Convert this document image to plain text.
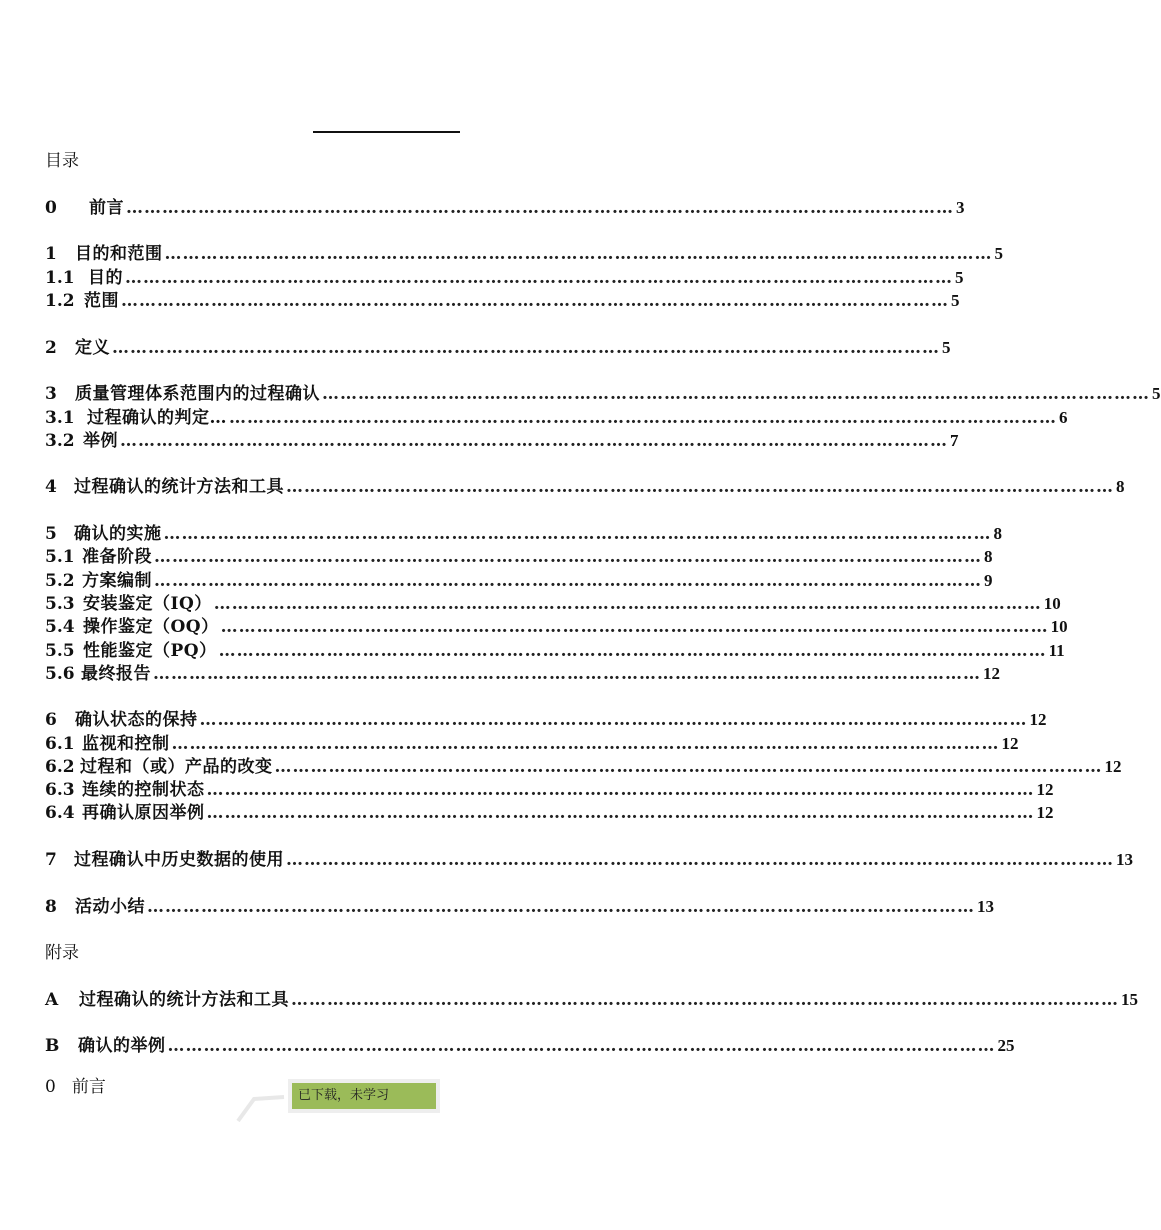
目录
0	前言 ………………………………………………………………………………………………………………………… 3
1	目的和范围 ………………………………………………………………………………………………………………………… 5
1.1 目的 ………………………………………………………………………………………………………………………… 5
1.2 范围 ………………………………………………………………………………………………………………………… 5
2	定义 ………………………………………………………………………………………………………………………… 5
3	质量管理体系范围内的过程确认 ………………………………………………………………………………………………………………………… 5
3.1 过程确认的判定… ………………………………………………………………………………………………………………………… 6
3.2 举例 ………………………………………………………………………………………………………………………… 7
4	过程确认的统计方法和工具 ………………………………………………………………………………………………………………………… 8
5	确认的实施 ………………………………………………………………………………………………………………………… 8
5.1 准备阶段 ………………………………………………………………………………………………………………………… 8
5.2 方案编制 ………………………………………………………………………………………………………………………… 9
5.3 安装鉴定（IQ） ………………………………………………………………………………………………………………………… 10
5.4 操作鉴定（OQ） ………………………………………………………………………………………………………………………… 10
5.5 性能鉴定（PQ） ………………………………………………………………………………………………………………………… 11
5.6 最终报告 ………………………………………………………………………………………………………………………… 12
6	确认状态的保持 ………………………………………………………………………………………………………………………… 12
6.1 监视和控制 ………………………………………………………………………………………………………………………… 12
6.2 过程和（或）产品的改变 ………………………………………………………………………………………………………………………… 12
6.3 连续的控制状态 ………………………………………………………………………………………………………………………… 12
6.4 再确认原因举例 ………………………………………………………………………………………………………………………… 12
7	过程确认中历史数据的使用 ………………………………………………………………………………………………………………………… 13
8	活动小结 ………………………………………………………………………………………………………………………… 13
附录
A	过程确认的统计方法和工具 ………………………………………………………………………………………………………………………… 15
B	确认的举例 ………………………………………………………………………………………………………………………… 25
0 前言	已下载，未学习
